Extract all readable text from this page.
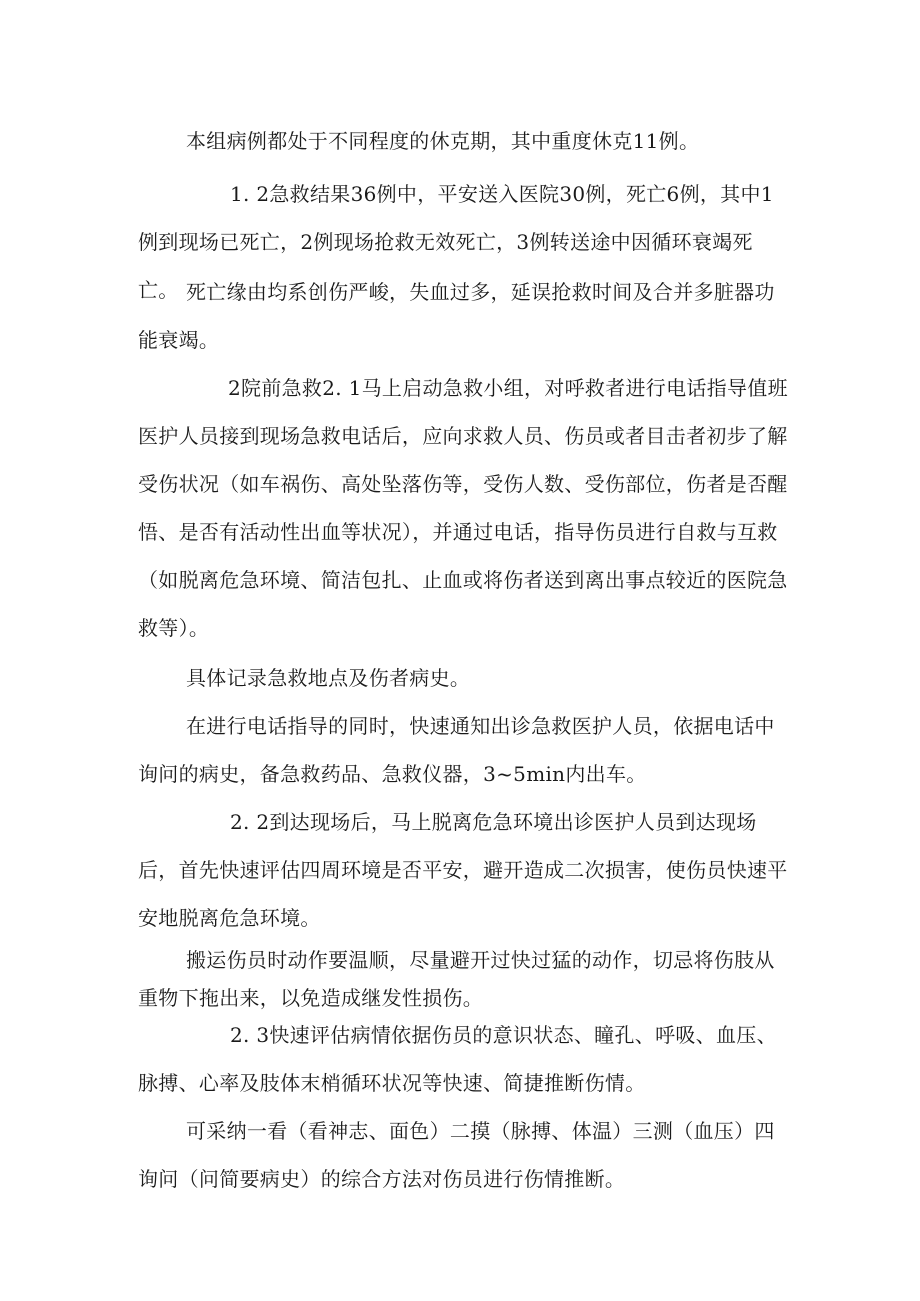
本组病例都处于不同程度的休克期，其中重度休克11例。

1. 2急救结果36例中，平安送入医院30例，死亡6例，其中1例到现场已死亡，2例现场抢救无效死亡，3例转送途中因循环衰竭死亡。 死亡缘由均系创伤严峻，失血过多，延误抢救时间及合并多脏器功能衰竭。

2院前急救2. 1马上启动急救小组，对呼救者进行电话指导值班医护人员接到现场急救电话后，应向求救人员、伤员或者目击者初步了解受伤状况（如车祸伤、高处坠落伤等，受伤人数、受伤部位，伤者是否醒悟、是否有活动性出血等状况），并通过电话，指导伤员进行自救与互救（如脱离危急环境、简洁包扎、止血或将伤者送到离出事点较近的医院急救等）。

具体记录急救地点及伤者病史。

在进行电话指导的同时，快速通知出诊急救医护人员，依据电话中询问的病史，备急救药品、急救仪器，3~5min内出车。

2. 2到达现场后，马上脱离危急环境出诊医护人员到达现场后，首先快速评估四周环境是否平安，避开造成二次损害，使伤员快速平安地脱离危急环境。

搬运伤员时动作要温顺，尽量避开过快过猛的动作，切忌将伤肢从重物下拖出来，以免造成继发性损伤。

2. 3快速评估病情依据伤员的意识状态、瞳孔、呼吸、血压、脉搏、心率及肢体末梢循环状况等快速、简捷推断伤情。

可采纳一看（看神志、面色）二摸（脉搏、体温）三测（血压）四询问（问简要病史）的综合方法对伤员进行伤情推断。
